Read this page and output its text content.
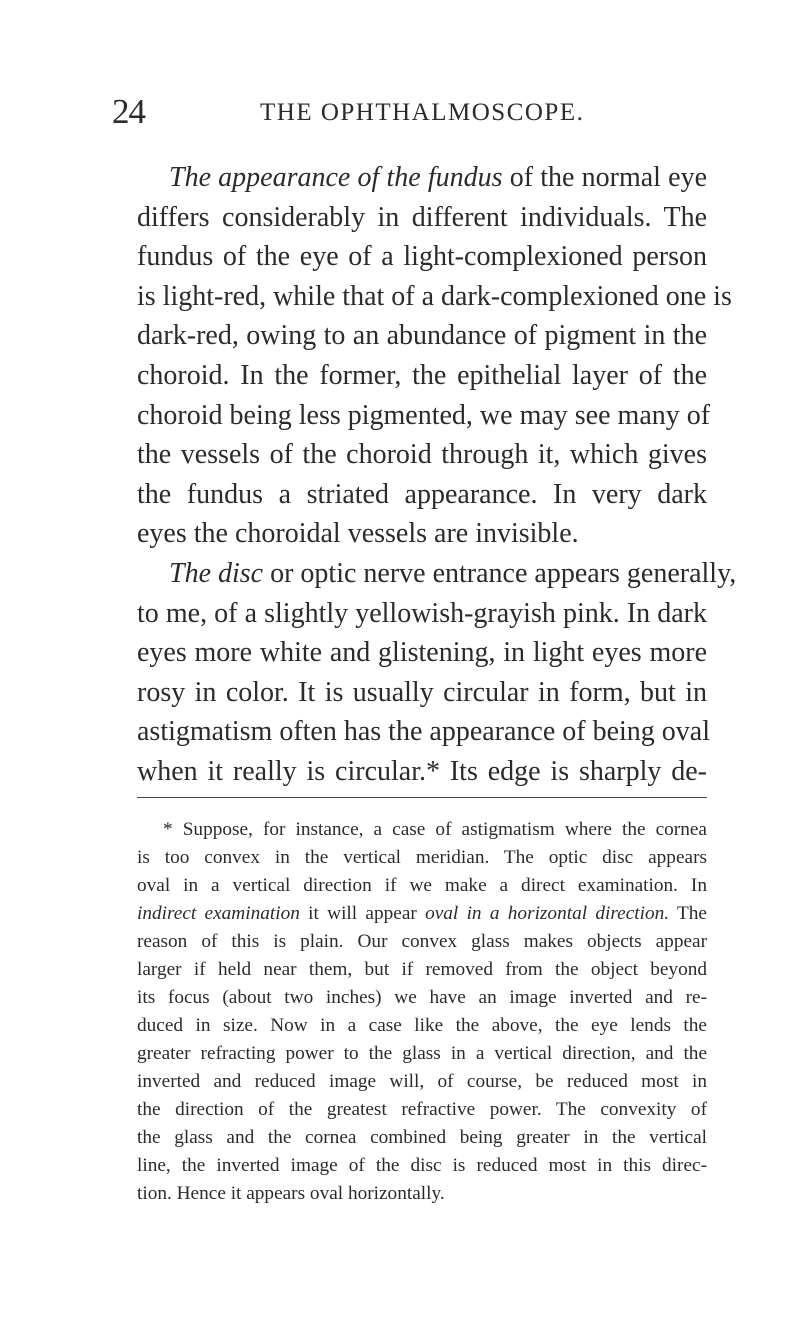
24	THE OPHTHALMOSCOPE.
The appearance of the fundus of the normal eye
differs considerably in different individuals. The
fundus of the eye of a light-complexioned person
is light-red, while that of a dark-complexioned one is
dark-red, owing to an abundance of pigment in the
choroid. In the former, the epithelial layer of the
choroid being less pigmented, we may see many of
the vessels of the choroid through it, which gives
the fundus a striated appearance. In very dark
eyes the choroidal vessels are invisible.
The disc or optic nerve entrance appears generally,
to me, of a slightly yellowish-grayish pink. In dark
eyes more white and glistening, in light eyes more
rosy in color. It is usually circular in form, but in
astigmatism often has the appearance of being oval
when it really is circular.* Its edge is sharply de-
* Suppose, for instance, a case of astigmatism where the cornea
is too convex in the vertical meridian. The optic disc appears
oval in a vertical direction if we make a direct examination. In
indirect examination it will appear oval in a horizontal direction. The
reason of this is plain. Our convex glass makes objects appear
larger if held near them, but if removed from the object beyond
its focus (about two inches) we have an image inverted and re-
duced in size. Now in a case like the above, the eye lends the
greater refracting power to the glass in a vertical direction, and the
inverted and reduced image will, of course, be reduced most in
the direction of the greatest refractive power. The convexity of
the glass and the cornea combined being greater in the vertical
line, the inverted image of the disc is reduced most in this direc-
tion. Hence it appears oval horizontally.
